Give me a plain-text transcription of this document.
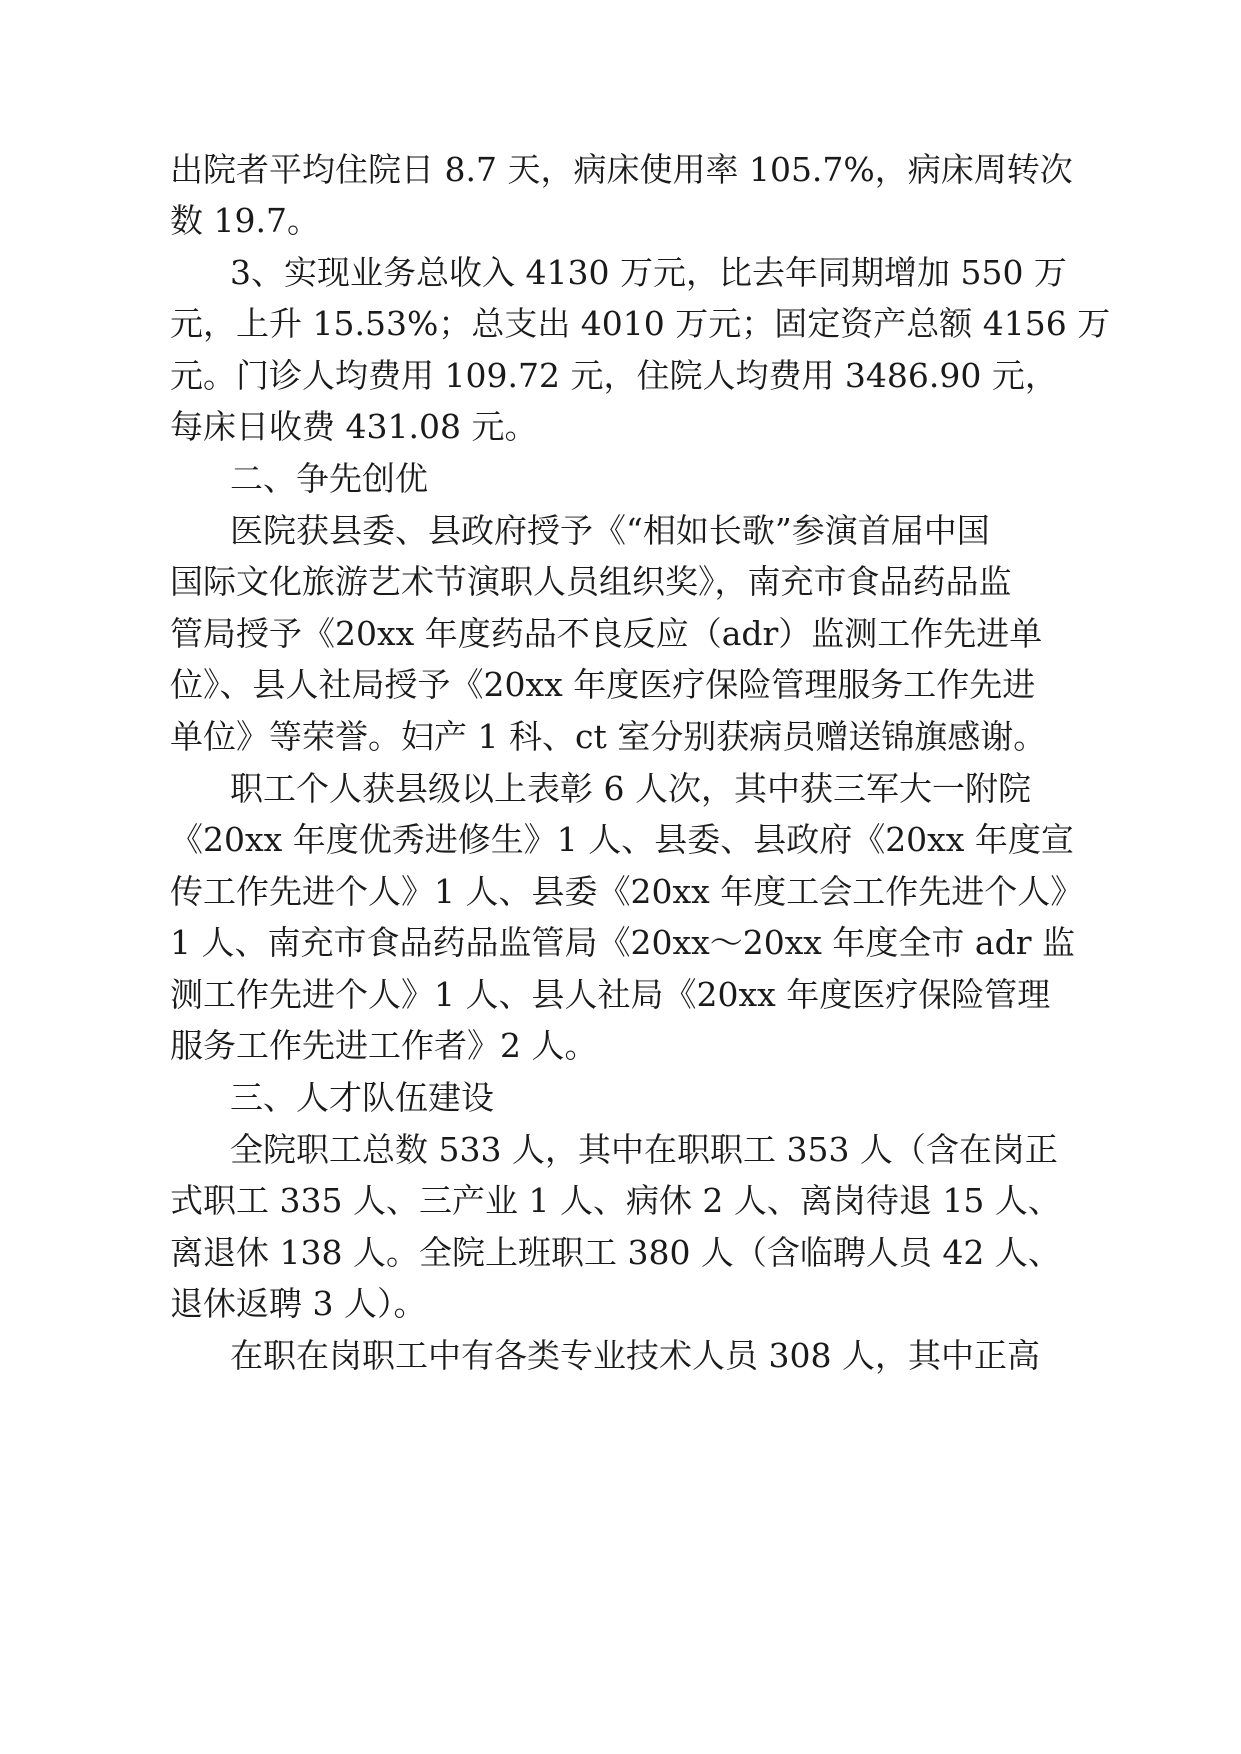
出院者平均住院日 8.7 天，病床使用率 105.7%，病床周转次
数 19.7。
3、实现业务总收入 4130 万元，比去年同期增加 550 万
元，上升 15.53%；总支出 4010 万元；固定资产总额 4156 万
元。门诊人均费用 109.72 元，住院人均费用 3486.90 元，
每床日收费 431.08 元。
二、争先创优
医院获县委、县政府授予《“相如长歌”参演首届中国
国际文化旅游艺术节演职人员组织奖》，南充市食品药品监
管局授予《20xx 年度药品不良反应（adr）监测工作先进单
位》、县人社局授予《20xx 年度医疗保险管理服务工作先进
单位》等荣誉。妇产 1 科、ct 室分别获病员赠送锦旗感谢。
职工个人获县级以上表彰 6 人次，其中获三军大一附院
《20xx 年度优秀进修生》1 人、县委、县政府《20xx 年度宣
传工作先进个人》1 人、县委《20xx 年度工会工作先进个人》
1 人、南充市食品药品监管局《20xx～20xx 年度全市 adr 监
测工作先进个人》1 人、县人社局《20xx 年度医疗保险管理
服务工作先进工作者》2 人。
三、人才队伍建设
全院职工总数 533 人，其中在职职工 353 人（含在岗正
式职工 335 人、三产业 1 人、病休 2 人、离岗待退 15 人、
离退休 138 人。全院上班职工 380 人（含临聘人员 42 人、
退休返聘 3 人）。
在职在岗职工中有各类专业技术人员 308 人，其中正高
